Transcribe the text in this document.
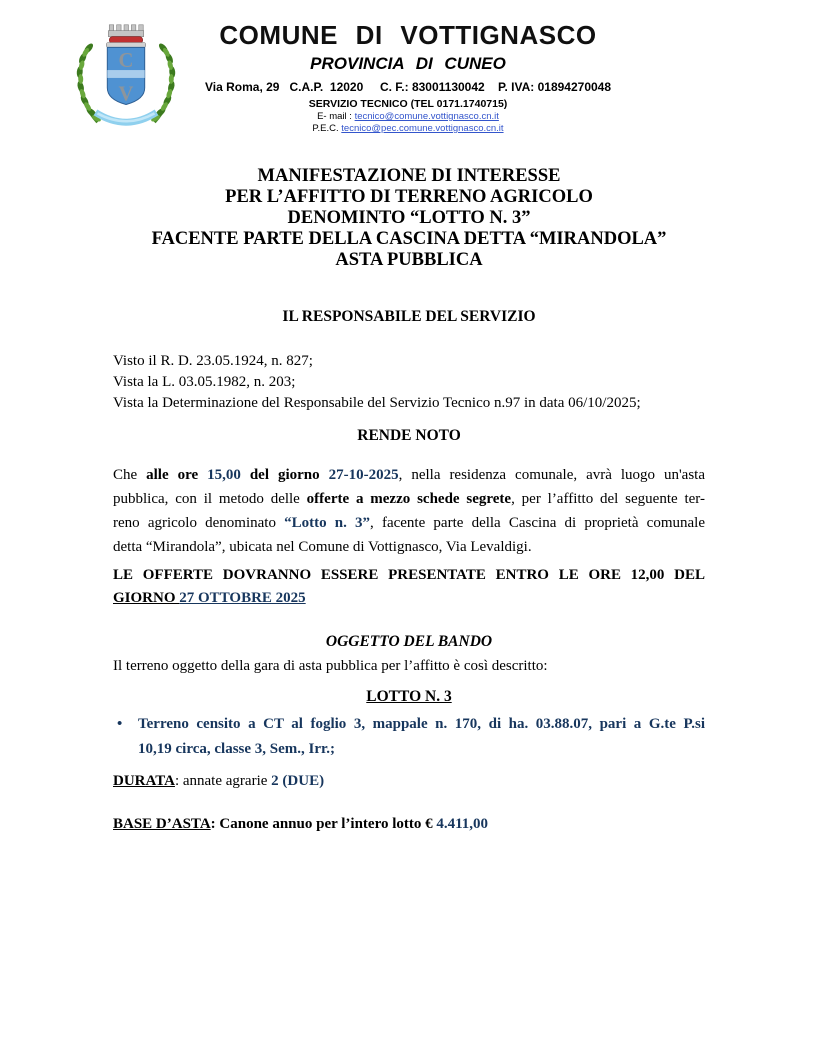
C
V
COMUNE DI VOTTIGNASCO
PROVINCIA DI CUNEO
Via Roma, 29   C.A.P.  12020     C. F.: 83001130042    P. IVA: 01894270048
SERVIZIO TECNICO (TEL 0171.1740715)
E- mail : tecnico@comune.vottignasco.cn.it
P.E.C. tecnico@pec.comune.vottignasco.cn.it
MANIFESTAZIONE DI INTERESSE
PER L’AFFITTO DI TERRENO AGRICOLO
DENOMINTO “LOTTO N. 3”
FACENTE PARTE DELLA CASCINA DETTA “MIRANDOLA”
ASTA PUBBLICA
IL RESPONSABILE DEL SERVIZIO
Visto il R. D. 23.05.1924, n. 827;
Vista la L. 03.05.1982, n. 203;
Vista la Determinazione del Responsabile del Servizio Tecnico n.97 in data 06/10/2025;
RENDE NOTO
Che alle ore 15,00 del giorno 27-10-2025, nella residenza comunale, avrà luogo un'asta
pubblica, con il metodo delle offerte a mezzo schede segrete, per l’affitto del seguente ter-
reno agricolo denominato “Lotto n. 3”, facente parte della Cascina di proprietà comunale
detta “Mirandola”, ubicata nel Comune di Vottignasco, Via Levaldigi.
LE OFFERTE DOVRANNO ESSERE PRESENTATE ENTRO LE ORE 12,00 DEL
GIORNO 27 OTTOBRE 2025
OGGETTO DEL BANDO
Il terreno oggetto della gara di asta pubblica per l’affitto è così descritto:
LOTTO N. 3
•	Terreno censito a CT al foglio 3, mappale n. 170, di ha. 03.88.07, pari a G.te P.si
10,19 circa, classe 3, Sem., Irr.;
DURATA: annate agrarie 2 (DUE)
BASE D’ASTA: Canone annuo per l’intero lotto € 4.411,00
